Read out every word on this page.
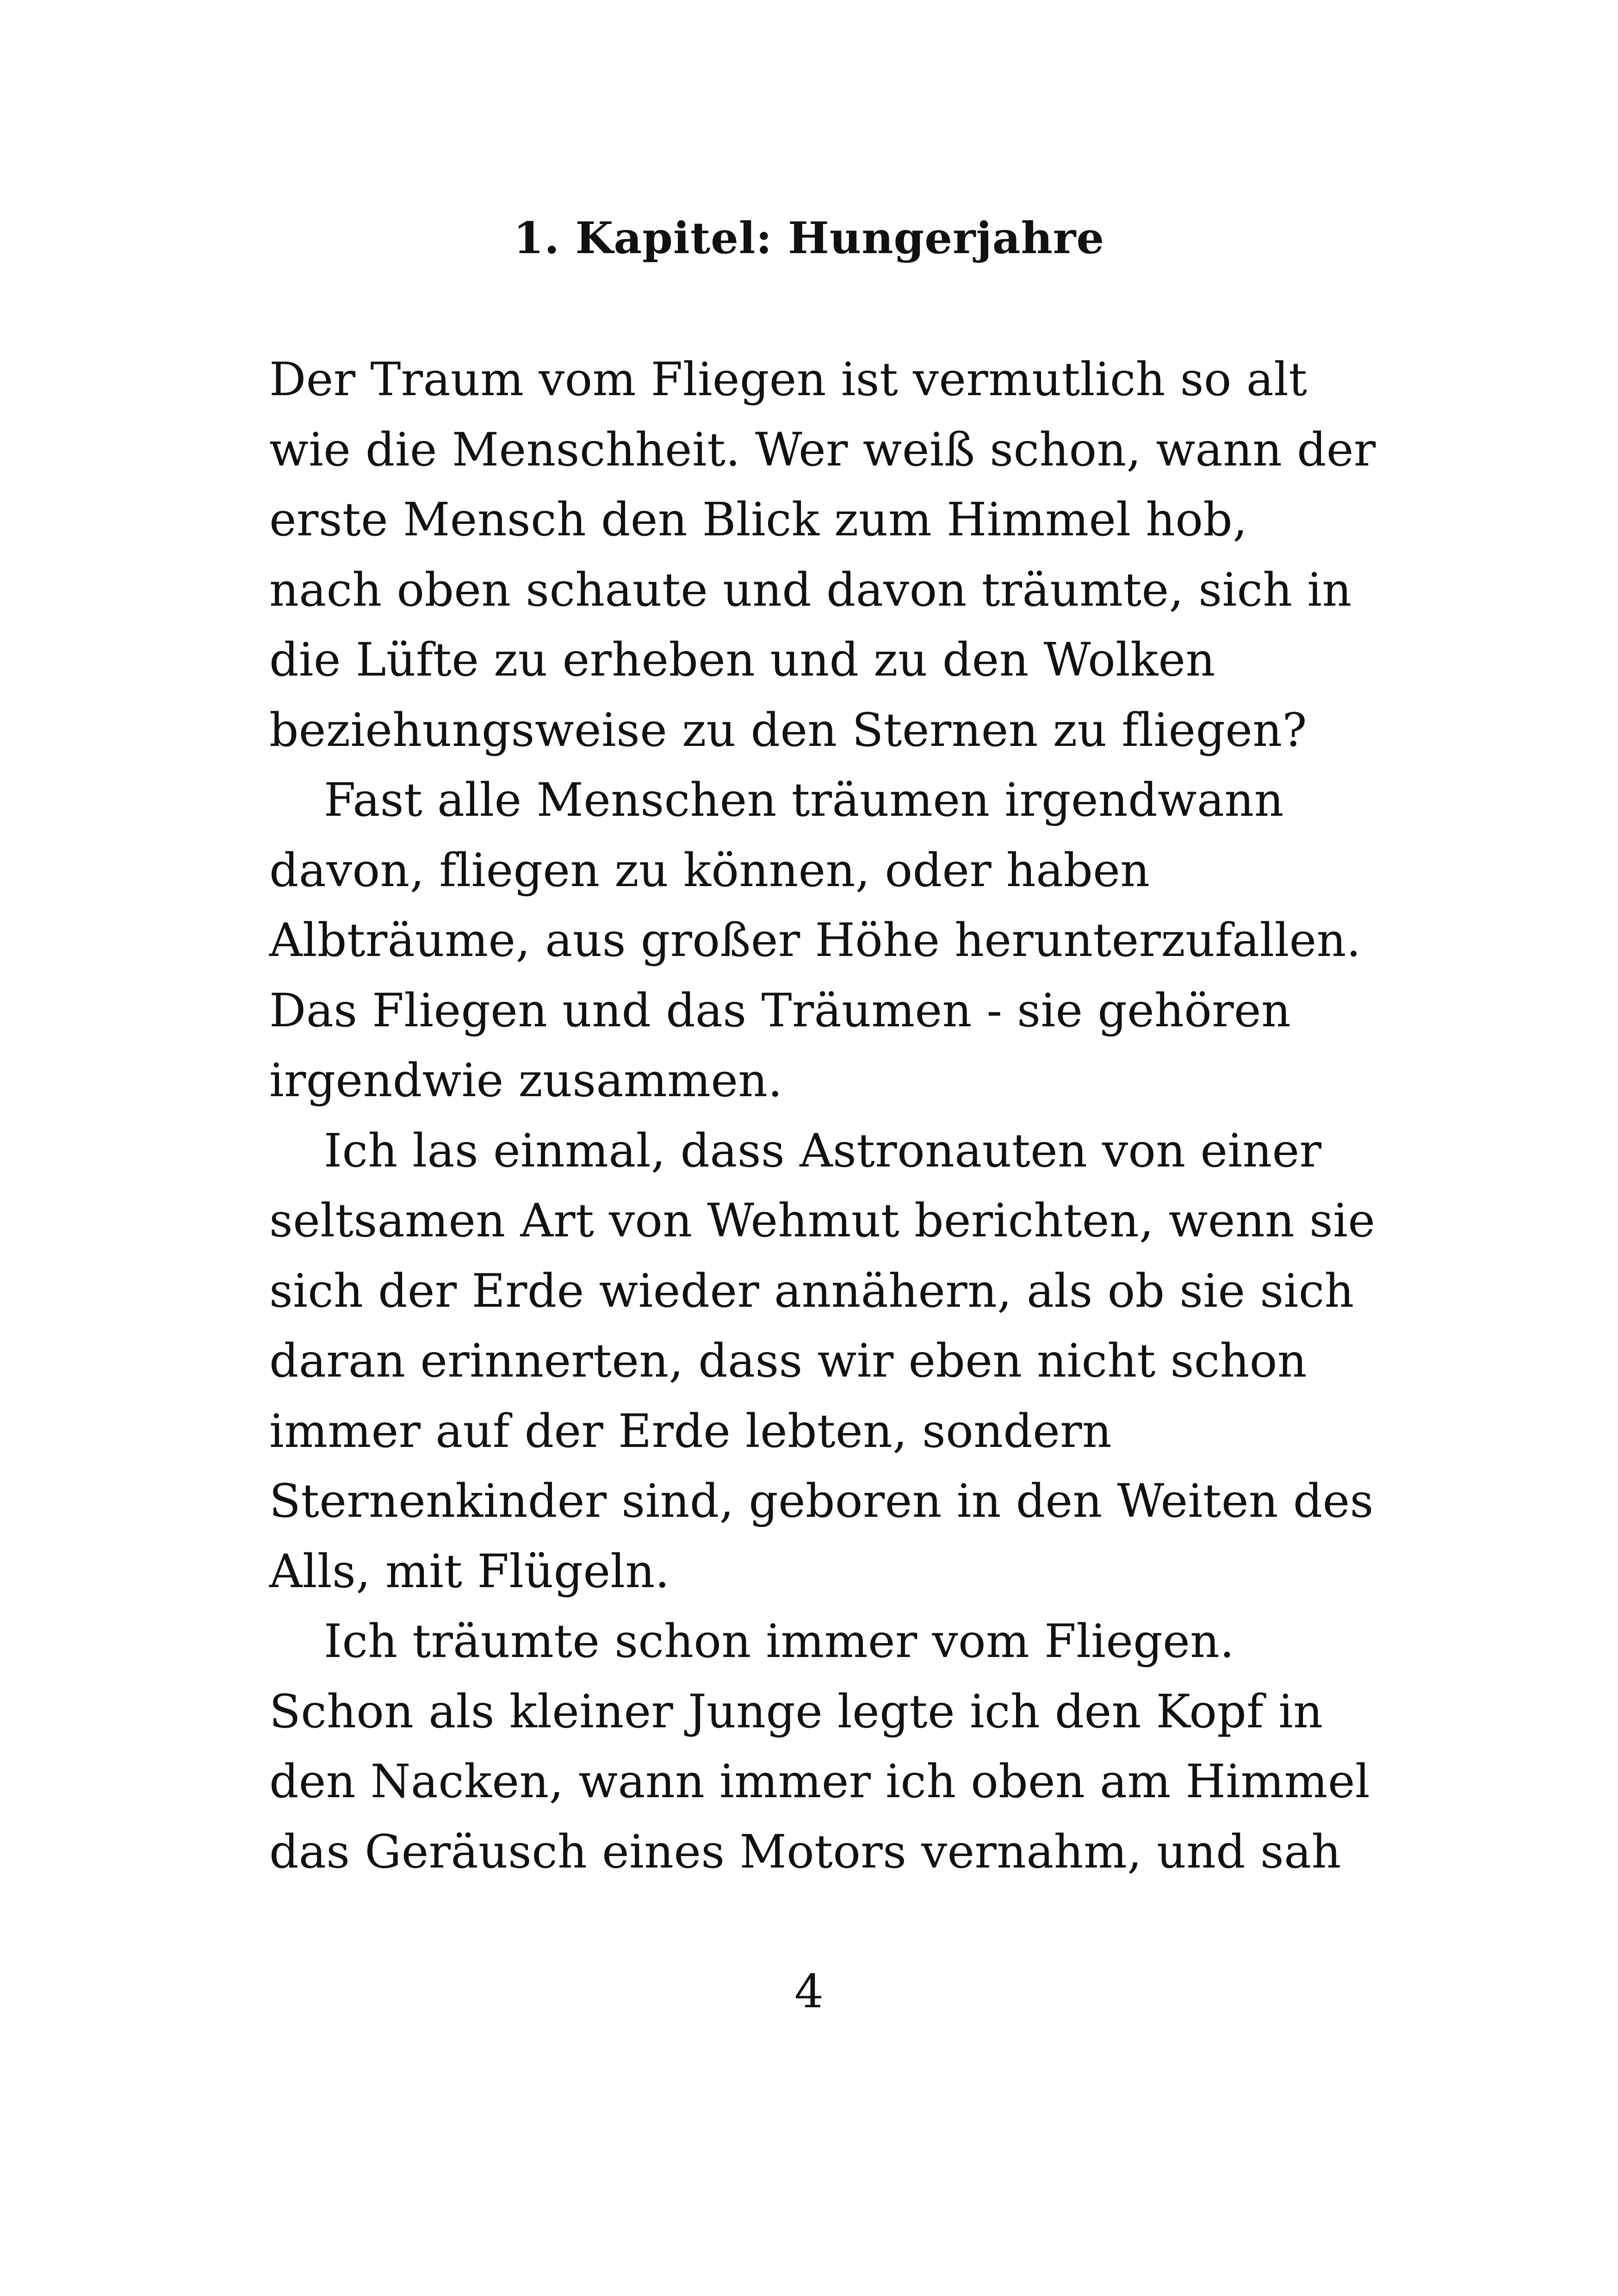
1. Kapitel: Hungerjahre
Der Traum vom Fliegen ist vermutlich so alt
wie die Menschheit. Wer weiß schon, wann der
erste Mensch den Blick zum Himmel hob,
nach oben schaute und davon träumte, sich in
die Lüfte zu erheben und zu den Wolken
beziehungsweise zu den Sternen zu fliegen?
Fast alle Menschen träumen irgendwann
davon, fliegen zu können, oder haben
Albträume, aus großer Höhe herunterzufallen.
Das Fliegen und das Träumen - sie gehören
irgendwie zusammen.
Ich las einmal, dass Astronauten von einer
seltsamen Art von Wehmut berichten, wenn sie
sich der Erde wieder annähern, als ob sie sich
daran erinnerten, dass wir eben nicht schon
immer auf der Erde lebten, sondern
Sternenkinder sind, geboren in den Weiten des
Alls, mit Flügeln.
Ich träumte schon immer vom Fliegen.
Schon als kleiner Junge legte ich den Kopf in
den Nacken, wann immer ich oben am Himmel
das Geräusch eines Motors vernahm, und sah
4
